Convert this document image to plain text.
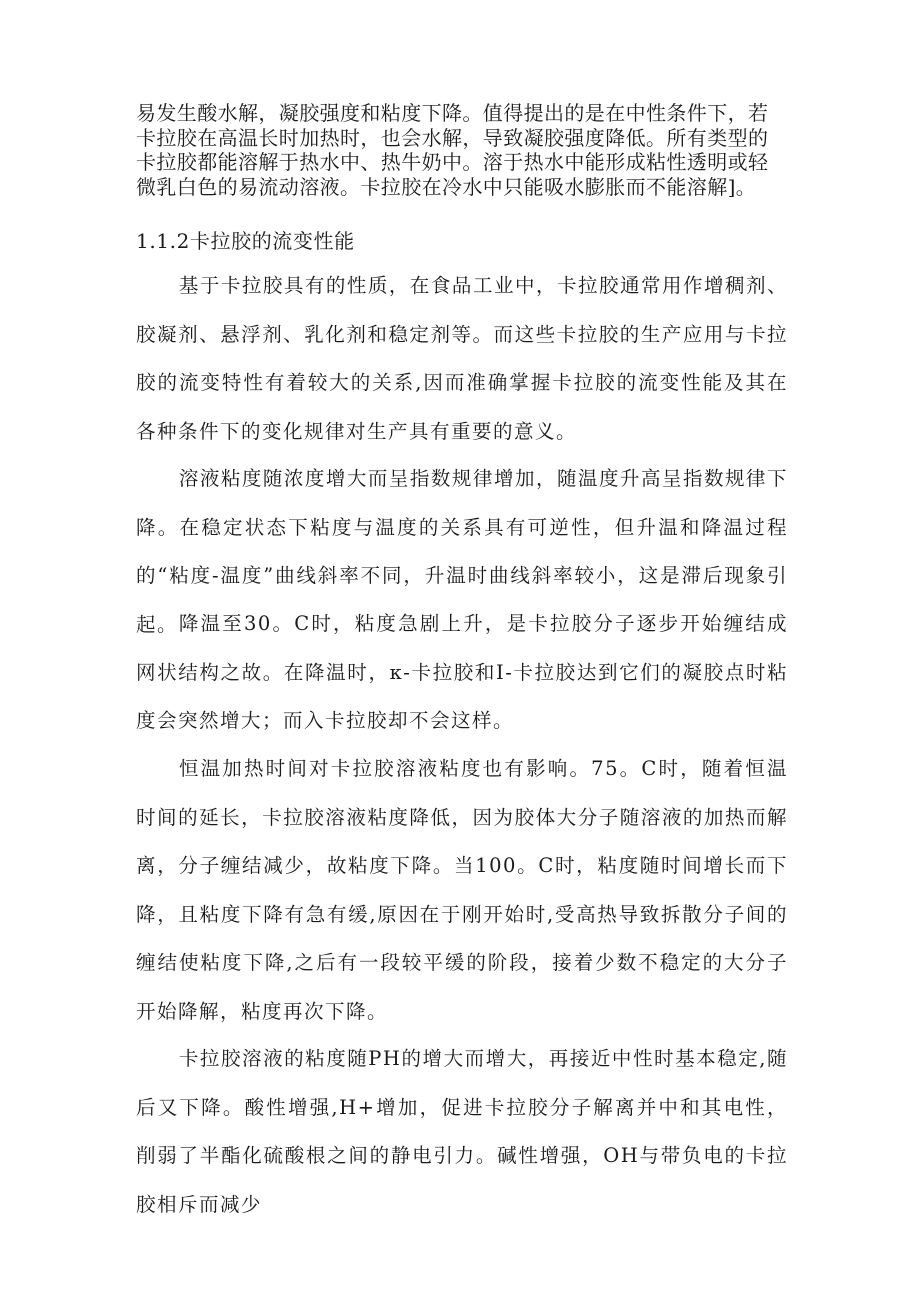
易发生酸水解，凝胶强度和粘度下降。值得提出的是在中性条件下，若卡拉胶在高温长时加热时，也会水解，导致凝胶强度降低。所有类型的卡拉胶都能溶解于热水中、热牛奶中。溶于热水中能形成粘性透明或轻微乳白色的易流动溶液。卡拉胶在冷水中只能吸水膨胀而不能溶解]。

1.1.2卡拉胶的流变性能

基于卡拉胶具有的性质，在食品工业中，卡拉胶通常用作增稠剂、胶凝剂、悬浮剂、乳化剂和稳定剂等。而这些卡拉胶的生产应用与卡拉胶的流变特性有着较大的关系,因而准确掌握卡拉胶的流变性能及其在各种条件下的变化规律对生产具有重要的意义。

溶液粘度随浓度增大而呈指数规律增加，随温度升高呈指数规律下降。在稳定状态下粘度与温度的关系具有可逆性，但升温和降温过程的“粘度-温度”曲线斜率不同，升温时曲线斜率较小，这是滞后现象引起。 降温至30。C时，粘度急剧上升，是卡拉胶分子逐步开始缠结成网状结构之故。在降温时，κ-卡拉胶和I-卡拉胶达到它们的凝胶点时粘度会突然增大；而入卡拉胶却不会这样。

恒温加热时间对卡拉胶溶液粘度也有影响。75。C时，随着恒温时间的延长，卡拉胶溶液粘度降低，因为胶体大分子随溶液的加热而解离，分子缠结减少，故粘度下降。当100。C时，粘度随时间增长而下降，且粘度下降有急有缓,原因在于刚开始时,受高热导致拆散分子间的缠结使粘度下降,之后有一段较平缓的阶段，接着少数不稳定的大分子开始降解，粘度再次下降。

卡拉胶溶液的粘度随PH的增大而增大，再接近中性时基本稳定,随后又下降。酸性增强,H+增加，促进卡拉胶分子解离并中和其电性，削弱了半酯化硫酸根之间的静电引力。碱性增强，OH与带负电的卡拉胶相斥而减少
